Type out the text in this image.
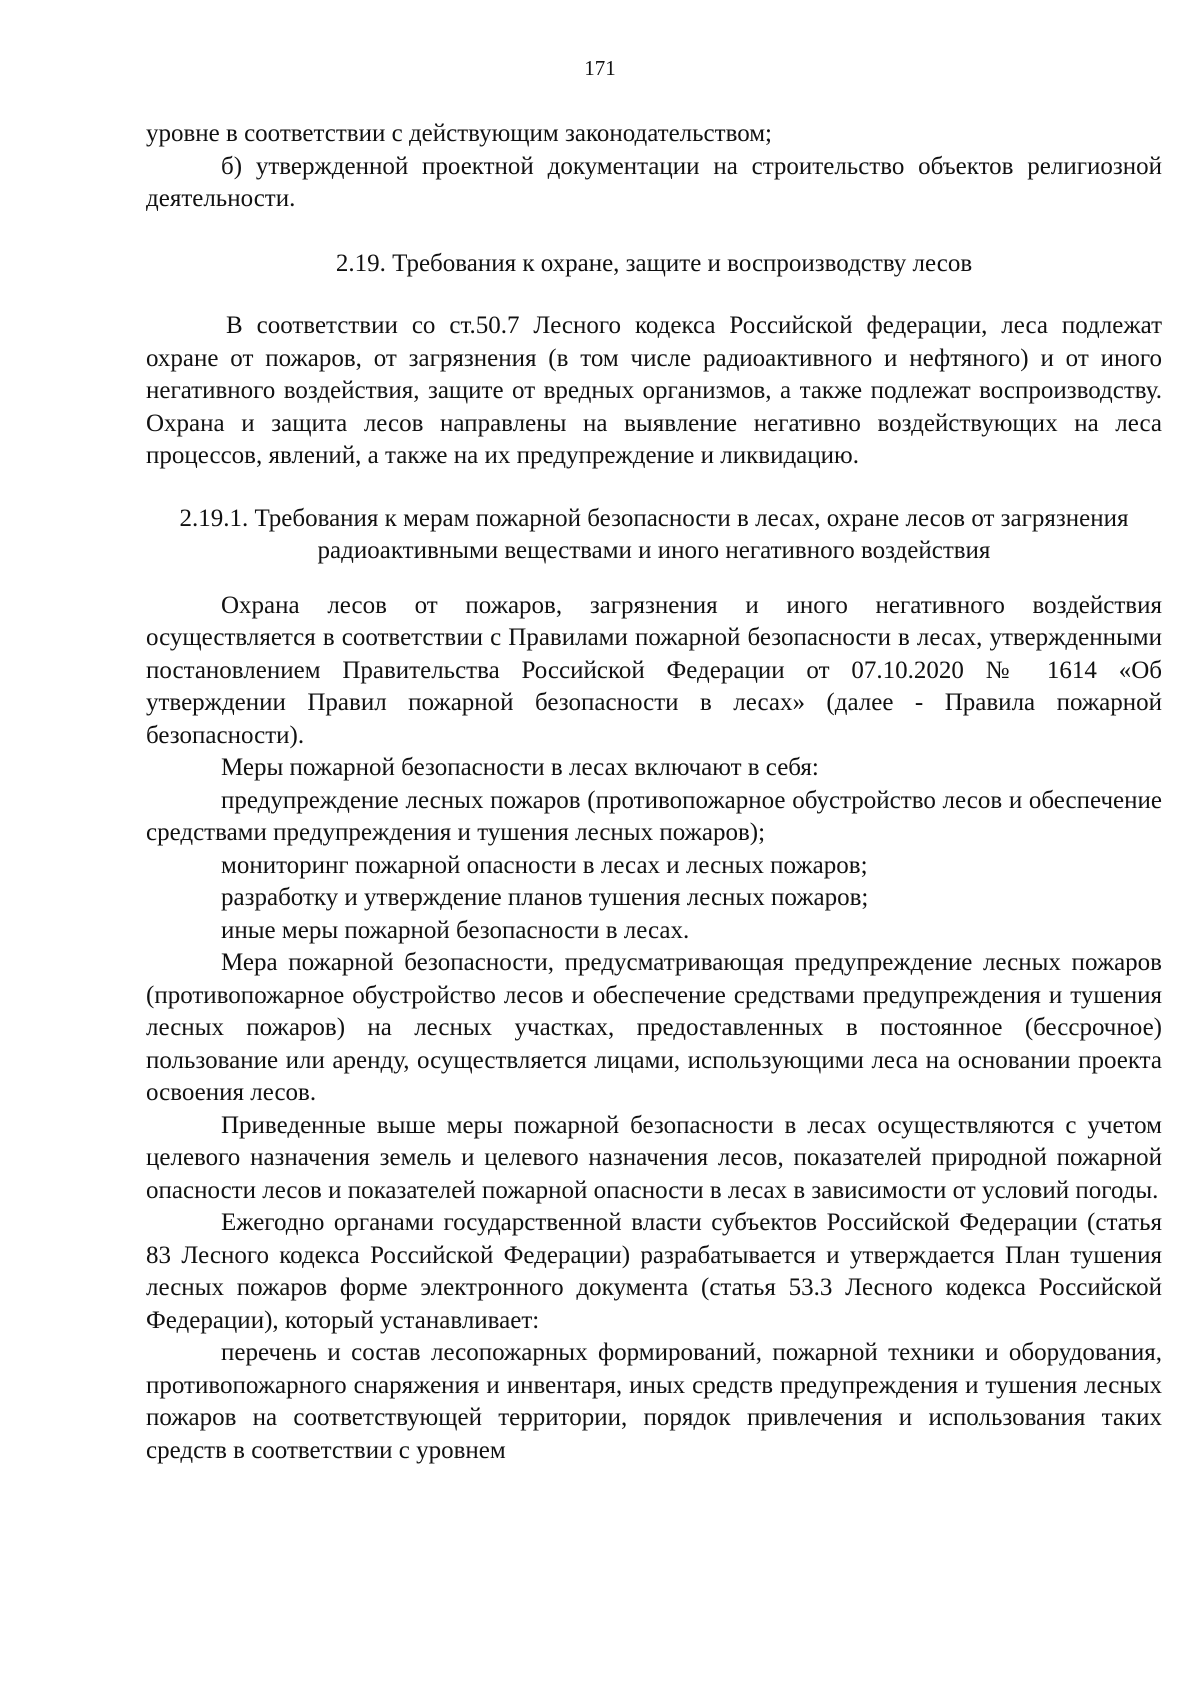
171

уровне в соответствии с действующим законодательством;

б) утвержденной проектной документации на строительство объектов религиозной деятельности.

2.19. Требования к охране, защите и воспроизводству лесов

В соответствии со ст.50.7 Лесного кодекса Российской федерации, леса подлежат охране от пожаров, от загрязнения (в том числе радиоактивного и нефтяного) и от иного негативного воздействия, защите от вредных организмов, а также подлежат воспроизводству. Охрана и защита лесов направлены на выявление негативно воздействующих на леса процессов, явлений, а также на их предупреждение и ликвидацию.

2.19.1. Требования к мерам пожарной безопасности в лесах, охране лесов от загрязнения радиоактивными веществами и иного негативного воздействия

Охрана лесов от пожаров, загрязнения и иного негативного воздействия осуществляется в соответствии с Правилами пожарной безопасности в лесах, утвержденными постановлением Правительства Российской Федерации от 07.10.2020 № 1614 «Об утверждении Правил пожарной безопасности в лесах» (далее - Правила пожарной безопасности).

Меры пожарной безопасности в лесах включают в себя:

предупреждение лесных пожаров (противопожарное обустройство лесов и обеспечение средствами предупреждения и тушения лесных пожаров);

мониторинг пожарной опасности в лесах и лесных пожаров;

разработку и утверждение планов тушения лесных пожаров;

иные меры пожарной безопасности в лесах.

Мера пожарной безопасности, предусматривающая предупреждение лесных пожаров (противопожарное обустройство лесов и обеспечение средствами предупреждения и тушения лесных пожаров) на лесных участках, предоставленных в постоянное (бессрочное) пользование или аренду, осуществляется лицами, использующими леса на основании проекта освоения лесов.

Приведенные выше меры пожарной безопасности в лесах осуществляются с учетом целевого назначения земель и целевого назначения лесов, показателей природной пожарной опасности лесов и показателей пожарной опасности в лесах в зависимости от условий погоды.

Ежегодно органами государственной власти субъектов Российской Федерации (статья 83 Лесного кодекса Российской Федерации) разрабатывается и утверждается План тушения лесных пожаров форме электронного документа (статья 53.3 Лесного кодекса Российской Федерации), который устанавливает:

перечень и состав лесопожарных формирований, пожарной техники и оборудования, противопожарного снаряжения и инвентаря, иных средств предупреждения и тушения лесных пожаров на соответствующей территории, порядок привлечения и использования таких средств в соответствии с уровнем
